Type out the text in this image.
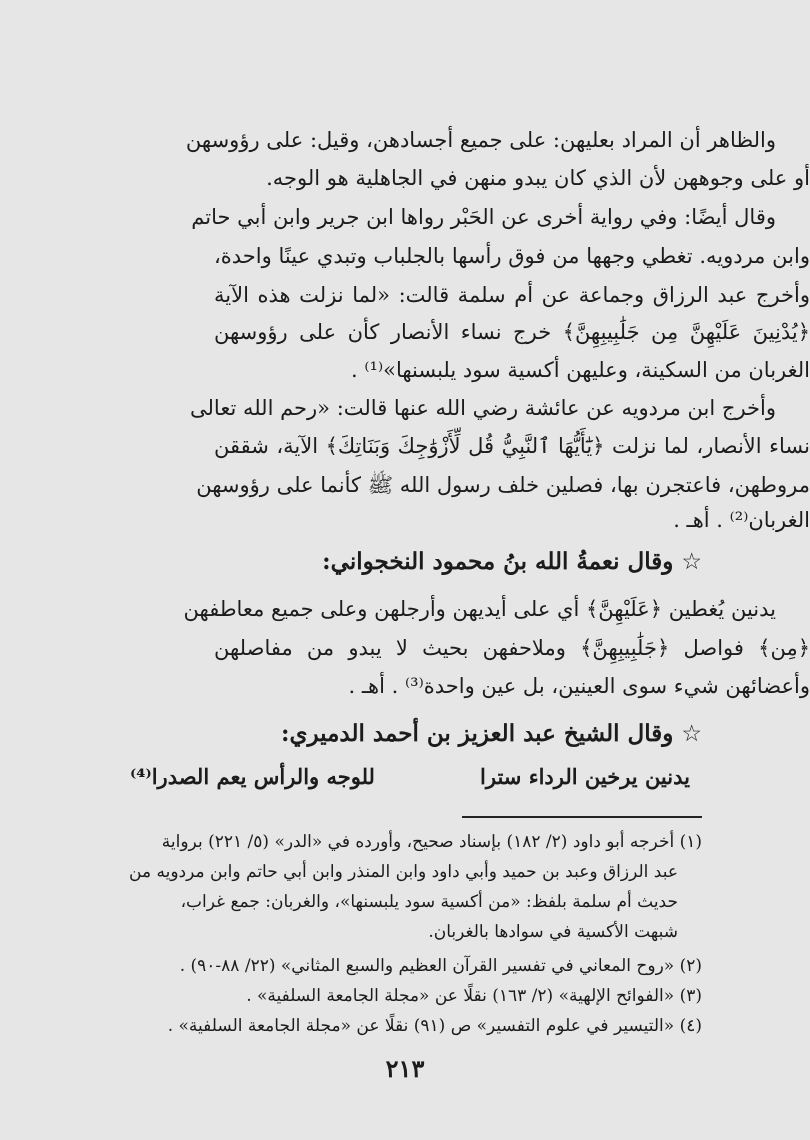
والظاهر أن المراد بعليهن: على جميع أجسادهن، وقيل: على رؤوسهن
أو على وجوههن لأن الذي كان يبدو منهن في الجاهلية هو الوجه.
وقال أيضًا: وفي رواية أخرى عن الحَبْر رواها ابن جرير وابن أبي حاتم
وابن مردويه. تغطي وجهها من فوق رأسها بالجلباب وتبدي عينًا واحدة،
وأخرج عبد الرزاق وجماعة عن أم سلمة قالت: «لما نزلت هذه الآية
﴿يُدْنِينَ عَلَيْهِنَّ مِن جَلَٰبِيبِهِنَّ﴾ خرج نساء الأنصار كأن على رؤوسهن
الغربان من السكينة، وعليهن أكسية سود يلبسنها»⁽¹⁾ .
وأخرج ابن مردويه عن عائشة رضي الله عنها قالت: «رحم الله تعالى
نساء الأنصار، لما نزلت ﴿يَٰٓأَيُّهَا ٱلنَّبِيُّ قُل لِّأَزْوَٰجِكَ وَبَنَاتِكَ﴾ الآية، شققن
مروطهن، فاعتجرن بها، فصلين خلف رسول الله ﷺ كأنما على رؤوسهن
الغربان⁽²⁾ . أهـ .
☆وقال نعمةُ الله بنُ محمود النخجواني:
يدنين يُغطين ﴿عَلَيْهِنَّ﴾ أي على أيديهن وأرجلهن وعلى جميع معاطفهن
﴿مِن﴾ فواصل ﴿جَلَٰبِيبِهِنَّ﴾ وملاحفهن بحيث لا يبدو من مفاصلهن
وأعضائهن شيء سوى العينين، بل عين واحدة⁽³⁾ . أهـ .
☆وقال الشيخ عبد العزيز بن أحمد الدميري:
يدنين يرخين الرداء سترا
للوجه والرأس يعم الصدرا⁽⁴⁾
(١) أخرجه أبو داود (٢/ ١٨٢) بإسناد صحيح، وأورده في «الدر» (٥/ ٢٢١) برواية
عبد الرزاق وعبد بن حميد وأبي داود وابن المنذر وابن أبي حاتم وابن مردويه من
حديث أم سلمة بلفظ: «من أكسية سود يلبسنها»، والغربان: جمع غراب،
شبهت الأكسية في سوادها بالغربان.
(٢) «روح المعاني في تفسير القرآن العظيم والسبع المثاني» (٢٢/ ٨٨-٩٠) .
(٣) «الفوائح الإلهية» (٢/ ١٦٣) نقلًا عن «مجلة الجامعة السلفية» .
(٤) «التيسير في علوم التفسير» ص (٩١) نقلًا عن «مجلة الجامعة السلفية» .
٢١٣
